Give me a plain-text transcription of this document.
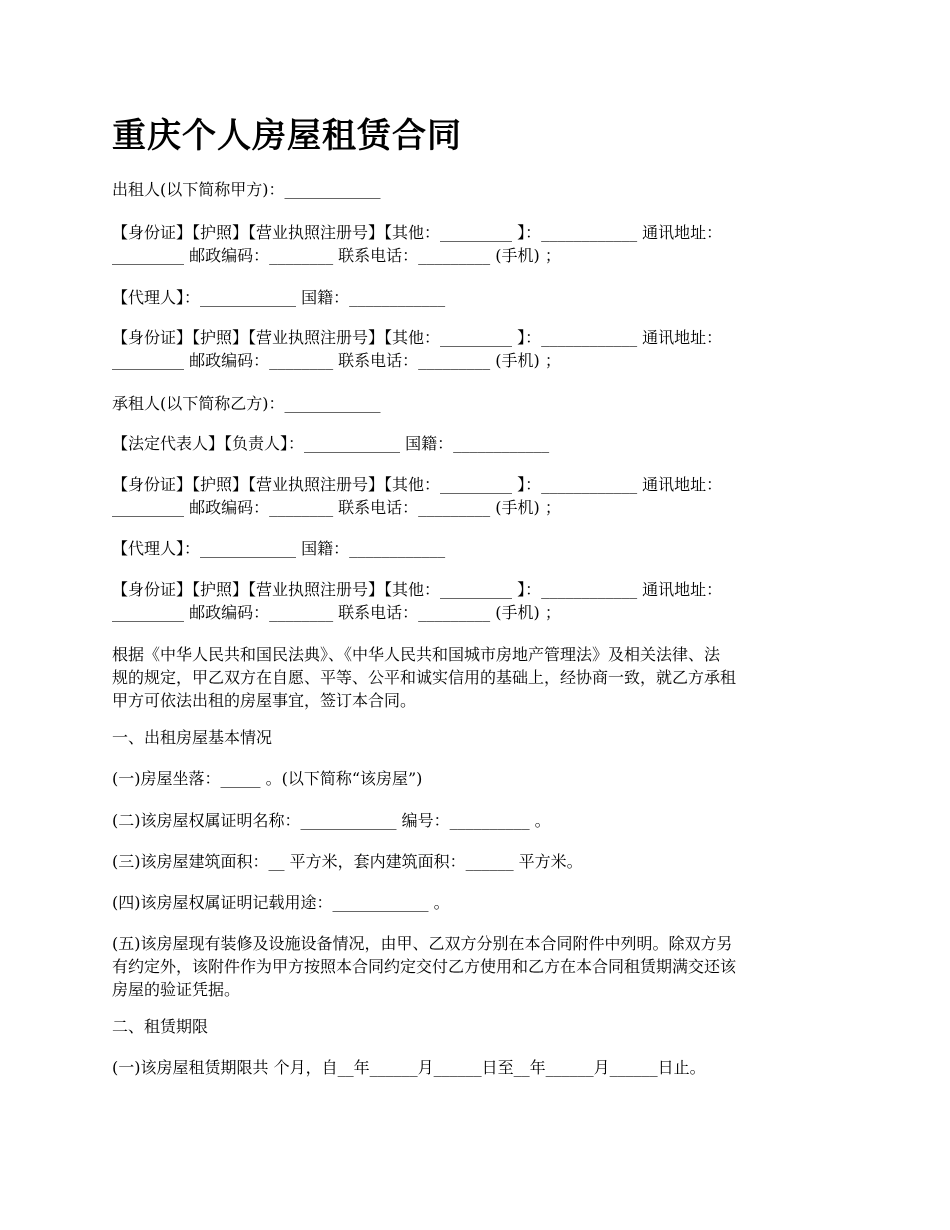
重庆个人房屋租赁合同
出租人(以下简称甲方)：____________
【身份证】【护照】【营业执照注册号】【其他：_________ 】：____________ 通讯地址：
_________ 邮政编码：________ 联系电话：_________ (手机) ；
【代理人】：____________ 国籍：____________
【身份证】【护照】【营业执照注册号】【其他：_________ 】：____________ 通讯地址：
_________ 邮政编码：________ 联系电话：_________ (手机) ；
承租人(以下简称乙方)：____________
【法定代表人】【负责人】：____________ 国籍：____________
【身份证】【护照】【营业执照注册号】【其他：_________ 】：____________ 通讯地址：
_________ 邮政编码：________ 联系电话：_________ (手机) ；
【代理人】：____________ 国籍：____________
【身份证】【护照】【营业执照注册号】【其他：_________ 】：____________ 通讯地址：
_________ 邮政编码：________ 联系电话：_________ (手机) ；
根据《中华人民共和国民法典》、《中华人民共和国城市房地产管理法》及相关法律、法
规的规定，甲乙双方在自愿、平等、公平和诚实信用的基础上，经协商一致，就乙方承租
甲方可依法出租的房屋事宜，签订本合同。
一、出租房屋基本情况
(一)房屋坐落：_____ 。(以下简称“该房屋”)
(二)该房屋权属证明名称：____________ 编号：__________ 。
(三)该房屋建筑面积：__ 平方米，套内建筑面积：______ 平方米。
(四)该房屋权属证明记载用途：____________ 。
(五)该房屋现有装修及设施设备情况，由甲、乙双方分别在本合同附件中列明。除双方另
有约定外，该附件作为甲方按照本合同约定交付乙方使用和乙方在本合同租赁期满交还该
房屋的验证凭据。
二、租赁期限
(一)该房屋租赁期限共 个月，自__年______月______日至__年______月______日止。
